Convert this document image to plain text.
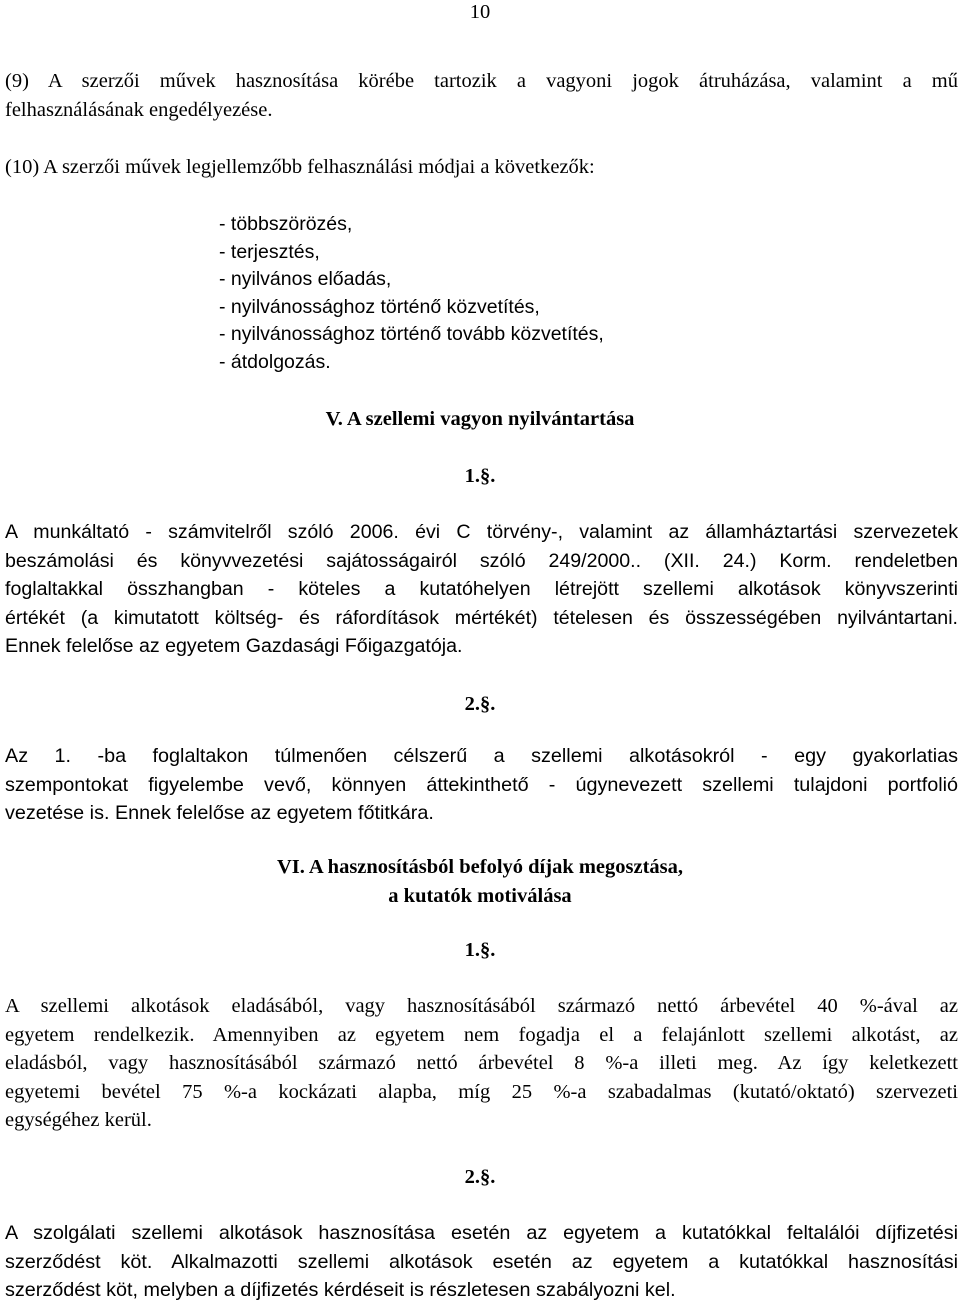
10
(9) A szerzői művek hasznosítása körébe tartozik a vagyoni jogok átruházása, valamint a mű
felhasználásának engedélyezése.
(10) A szerzői művek legjellemzőbb felhasználási módjai a következők:
- többszörözés,
- terjesztés,
- nyilvános előadás,
- nyilvánossághoz történő közvetítés,
- nyilvánossághoz történő tovább közvetítés,
- átdolgozás.
V. A szellemi vagyon nyilvántartása
1.§.
A munkáltató - számvitelről szóló 2006. évi C törvény-, valamint az államháztartási szervezetek
beszámolási és könyvvezetési sajátosságairól szóló 249/2000.. (XII. 24.) Korm. rendeletben
foglaltakkal összhangban - köteles a kutatóhelyen létrejött szellemi alkotások könyvszerinti
értékét (a kimutatott költség- és ráfordítások mértékét) tételesen és összességében nyilvántartani.
Ennek felelőse az egyetem Gazdasági Főigazgatója.
2.§.
Az 1. -ba foglaltakon túlmenően célszerű a szellemi alkotásokról - egy gyakorlatias
szempontokat figyelembe vevő, könnyen áttekinthető - úgynevezett szellemi tulajdoni portfolió
vezetése is. Ennek felelőse az egyetem főtitkára.
VI. A hasznosításból befolyó díjak megosztása,
a kutatók motiválása
1.§.
A szellemi alkotások eladásából, vagy hasznosításából származó nettó árbevétel 40 %-ával az
egyetem rendelkezik. Amennyiben az egyetem nem fogadja el a felajánlott szellemi alkotást, az
eladásból, vagy hasznosításából származó nettó árbevétel 8 %-a illeti meg. Az így keletkezett
egyetemi bevétel 75 %-a kockázati alapba, míg 25 %-a szabadalmas (kutató/oktató) szervezeti
egységéhez kerül.
2.§.
A szolgálati szellemi alkotások hasznosítása esetén az egyetem a kutatókkal feltalálói díjfizetési
szerződést köt. Alkalmazotti szellemi alkotások esetén az egyetem a kutatókkal hasznosítási
szerződést köt, melyben a díjfizetés kérdéseit is részletesen szabályozni kel.
